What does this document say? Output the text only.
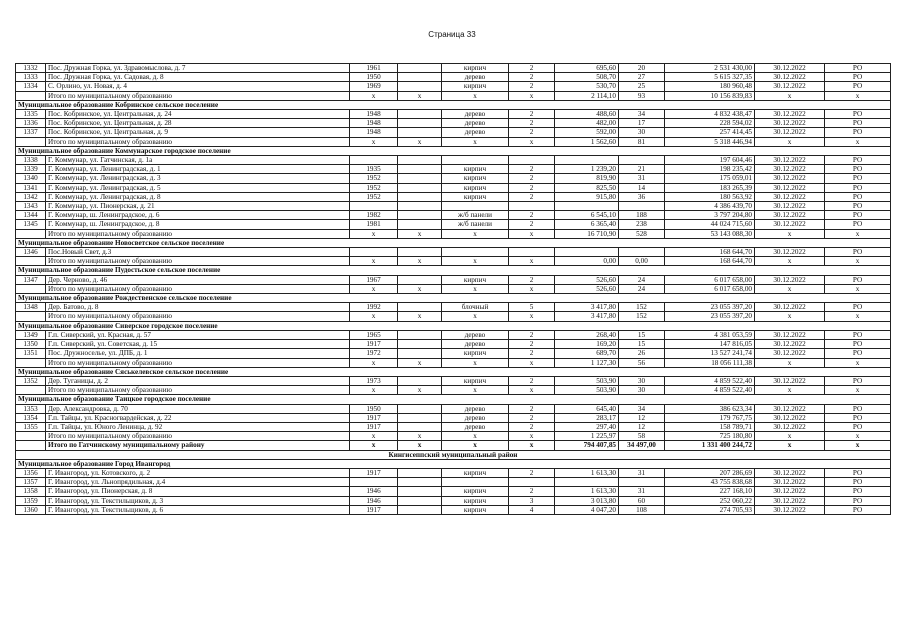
Страница 33
1332	Пос. Дружная Горка, ул. Здравомыслова, д. 7	1961		кирпич	2	695,60	20	2 531 430,00	30.12.2022	РО
1333	Пос. Дружная Горка, ул. Садовая, д. 8	1950		дерево	2	508,70	27	5 615 327,35	30.12.2022	РО
1334	С. Орлино, ул. Новая, д. 4	1969		кирпич	2	530,70	25	180 960,48	30.12.2022	РО
	Итого по муниципальному образованию	x	x	x	x	2 114,10	93	10 156 839,83	x	x
Муниципальное образование Кобринское сельское поселение										
1335	Пос. Кобринское, ул. Центральная, д. 24	1948		дерево	2	488,60	34	4 832 438,47	30.12.2022	РО
1336	Пос. Кобринское, ул. Центральная, д. 28	1948		дерево	2	482,00	17	228 594,02	30.12.2022	РО
1337	Пос. Кобринское, ул. Центральная, д. 9	1948		дерево	2	592,00	30	257 414,45	30.12.2022	РО
	Итого по муниципальному образованию	x	x	x	x	1 562,60	81	5 318 446,94	x	x
Муниципальное образование Коммунарское городское поселение										
1338	Г. Коммунар, ул. Гатчинская, д. 1а							197 604,46	30.12.2022	РО
1339	Г. Коммунар, ул. Ленинградская, д. 1	1935		кирпич	2	1 239,20	21	198 235,42	30.12.2022	РО
1340	Г. Коммунар, ул. Ленинградская, д. 3	1952		кирпич	2	819,90	31	175 059,01	30.12.2022	РО
1341	Г. Коммунар, ул. Ленинградская, д. 5	1952		кирпич	2	825,50	14	183 265,39	30.12.2022	РО
1342	Г. Коммунар, ул. Ленинградская, д. 8	1952		кирпич	2	915,80	36	180 563,92	30.12.2022	РО
1343	Г. Коммунар, ул. Пионерская, д. 21							4 386 439,70	30.12.2022	РО
1344	Г. Коммунар, ш. Ленинградское, д. 6	1982		ж/б панели	2	6 545,10	188	3 797 204,80	30.12.2022	РО
1345	Г. Коммунар, ш. Ленинградское, д. 8	1981		ж/б панели	2	6 365,40	238	44 024 715,60	30.12.2022	РО
	Итого по муниципальному образованию	x	x	x	x	16 710,90	528	53 143 088,30	x	x
Муниципальное образование Новосветское сельское поселение										
1346	Пос.Новый Свет, д.3							168 644,70	30.12.2022	РО
	Итого по муниципальному образованию	x	x	x	x	0,00	0,00	168 644,70	x	x
Муниципальное образование Пудостьское сельское поселение										
1347	Дер. Черново, д. 46	1967		кирпич	2	526,60	24	6 017 658,00	30.12.2022	РО
	Итого по муниципальному образованию	x	x	x	x	526,60	24	6 017 658,00	x	x
Муниципальное образование Рождественское сельское поселение										
1348	Дер. Батово, д. 8	1992		блочный	5	3 417,80	152	23 055 397,20	30.12.2022	РО
	Итого по муниципальному образованию	x	x	x	x	3 417,80	152	23 055 397,20	x	x
Муниципальное образование Сиверское городское поселение										
1349	Г.п. Сиверский, ул. Красная, д. 57	1965		дерево	2	268,40	15	4 381 053,59	30.12.2022	РО
1350	Г.п. Сиверский, ул. Советская, д. 15	1917		дерево	2	169,20	15	147 816,05	30.12.2022	РО
1351	Пос. Дружноселье, ул. ДПБ, д. 1	1972		кирпич	2	689,70	26	13 527 241,74	30.12.2022	РО
	Итого по муниципальному образованию	x	x	x	x	1 127,30	56	18 056 111,38	x	x
Муниципальное образование Сяськелевское сельское поселение										
1352	Дер. Туганицы, д. 2	1973		кирпич	2	503,90	30	4 859 522,40	30.12.2022	РО
	Итого по муниципальному образованию	x	x	x	x	503,90	30	4 859 522,40	x	x
Муниципальное образование Таицкое городское поселение										
1353	Дер. Александровка, д. 70	1950		дерево	2	645,40	34	386 623,34	30.12.2022	РО
1354	Г.п. Тайцы, ул. Красногвардейская, д. 22	1917		дерево	2	283,17	12	179 767,75	30.12.2022	РО
1355	Г.п. Тайцы, ул. Юного Ленинца, д. 92	1917		дерево	2	297,40	12	158 789,71	30.12.2022	РО
	Итого по муниципальному образованию	x	x	x	x	1 225,97	58	725 180,80	x	x
	Итого по Гатчинскому муниципальному району	x	x	x	x	794 407,85	34 497,00	1 331 400 244,72	x	x
Кингисеппский муниципальный район										
Муниципальное образование Город Ивангород										
1356	Г. Ивангород, ул. Котовского, д. 2	1917		кирпич	2	1 613,30	31	207 286,69	30.12.2022	РО
1357	Г. Ивангород, ул. Льнопрядильная, д.4							43 755 838,68	30.12.2022	РО
1358	Г. Ивангород, ул. Пионерская, д. 8	1946		кирпич	2	1 613,30	31	227 168,10	30.12.2022	РО
1359	Г. Ивангород, ул. Текстильщиков, д. 3	1946		кирпич	3	3 013,80	60	252 060,22	30.12.2022	РО
1360	Г. Ивангород, ул. Текстильщиков, д. 6	1917		кирпич	4	4 047,20	108	274 705,93	30.12.2022	РО
